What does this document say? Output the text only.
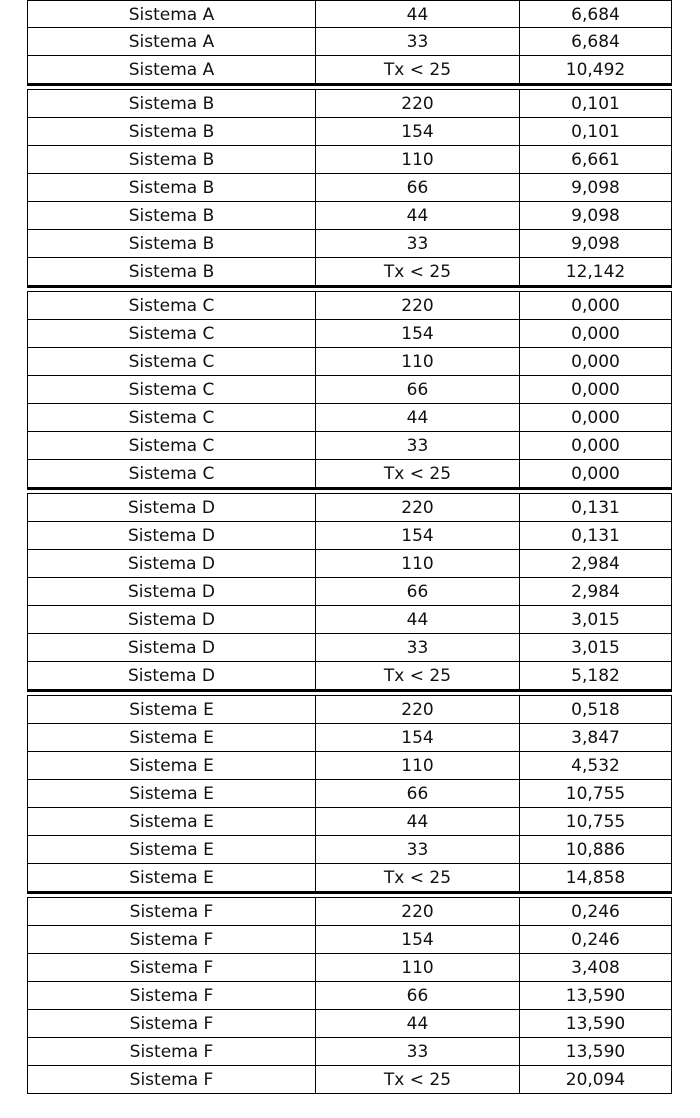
Sistema A	44	6,684
Sistema A	33	6,684
Sistema A	Tx < 25	10,492
Sistema B	220	0,101
Sistema B	154	0,101
Sistema B	110	6,661
Sistema B	66	9,098
Sistema B	44	9,098
Sistema B	33	9,098
Sistema B	Tx < 25	12,142
Sistema C	220	0,000
Sistema C	154	0,000
Sistema C	110	0,000
Sistema C	66	0,000
Sistema C	44	0,000
Sistema C	33	0,000
Sistema C	Tx < 25	0,000
Sistema D	220	0,131
Sistema D	154	0,131
Sistema D	110	2,984
Sistema D	66	2,984
Sistema D	44	3,015
Sistema D	33	3,015
Sistema D	Tx < 25	5,182
Sistema E	220	0,518
Sistema E	154	3,847
Sistema E	110	4,532
Sistema E	66	10,755
Sistema E	44	10,755
Sistema E	33	10,886
Sistema E	Tx < 25	14,858
Sistema F	220	0,246
Sistema F	154	0,246
Sistema F	110	3,408
Sistema F	66	13,590
Sistema F	44	13,590
Sistema F	33	13,590
Sistema F	Tx < 25	20,094
